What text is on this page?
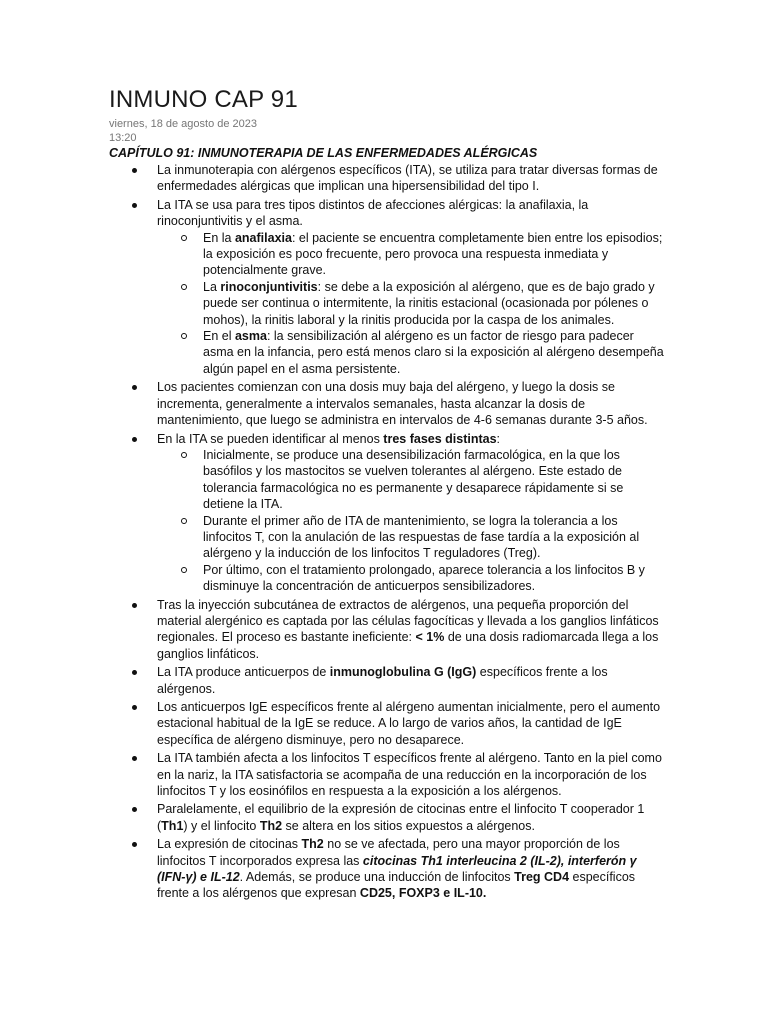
INMUNO CAP 91
viernes, 18 de agosto de 2023
13:20
CAPÍTULO 91: INMUNOTERAPIA DE LAS ENFERMEDADES ALÉRGICAS
La inmunoterapia con alérgenos específicos (ITA), se utiliza para tratar diversas formas de enfermedades alérgicas que implican una hipersensibilidad del tipo I.
La ITA se usa para tres tipos distintos de afecciones alérgicas: la anafilaxia, la rinoconjuntivitis y el asma.
En la anafilaxia: el paciente se encuentra completamente bien entre los episodios; la exposición es poco frecuente, pero provoca una respuesta inmediata y potencialmente grave.
La rinoconjuntivitis: se debe a la exposición al alérgeno, que es de bajo grado y puede ser continua o intermitente, la rinitis estacional (ocasionada por pólenes o mohos), la rinitis laboral y la rinitis producida por la caspa de los animales.
En el asma: la sensibilización al alérgeno es un factor de riesgo para padecer asma en la infancia, pero está menos claro si la exposición al alérgeno desempeña algún papel en el asma persistente.
Los pacientes comienzan con una dosis muy baja del alérgeno, y luego la dosis se incrementa, generalmente a intervalos semanales, hasta alcanzar la dosis de mantenimiento, que luego se administra en intervalos de 4-6 semanas durante 3-5 años.
En la ITA se pueden identificar al menos tres fases distintas:
Inicialmente, se produce una desensibilización farmacológica, en la que los basófilos y los mastocitos se vuelven tolerantes al alérgeno. Este estado de tolerancia farmacológica no es permanente y desaparece rápidamente si se detiene la ITA.
Durante el primer año de ITA de mantenimiento, se logra la tolerancia a los linfocitos T, con la anulación de las respuestas de fase tardía a la exposición al alérgeno y la inducción de los linfocitos T reguladores (Treg).
Por último, con el tratamiento prolongado, aparece tolerancia a los linfocitos B y disminuye la concentración de anticuerpos sensibilizadores.
Tras la inyección subcutánea de extractos de alérgenos, una pequeña proporción del material alergénico es captada por las células fagocíticas y llevada a los ganglios linfáticos regionales. El proceso es bastante ineficiente: < 1% de una dosis radiomarcada llega a los ganglios linfáticos.
La ITA produce anticuerpos de inmunoglobulina G (IgG) específicos frente a los alérgenos.
Los anticuerpos IgE específicos frente al alérgeno aumentan inicialmente, pero el aumento estacional habitual de la IgE se reduce. A lo largo de varios años, la cantidad de IgE específica de alérgeno disminuye, pero no desaparece.
La ITA también afecta a los linfocitos T específicos frente al alérgeno. Tanto en la piel como en la nariz, la ITA satisfactoria se acompaña de una reducción en la incorporación de los linfocitos T y los eosinófilos en respuesta a la exposición a los alérgenos.
Paralelamente, el equilibrio de la expresión de citocinas entre el linfocito T cooperador 1 (Th1) y el linfocito Th2 se altera en los sitios expuestos a alérgenos.
La expresión de citocinas Th2 no se ve afectada, pero una mayor proporción de los linfocitos T incorporados expresa las citocinas Th1 interleucina 2 (IL-2), interferón γ (IFN-γ) e IL-12. Además, se produce una inducción de linfocitos Treg CD4 específicos frente a los alérgenos que expresan CD25, FOXP3 e IL-10.
